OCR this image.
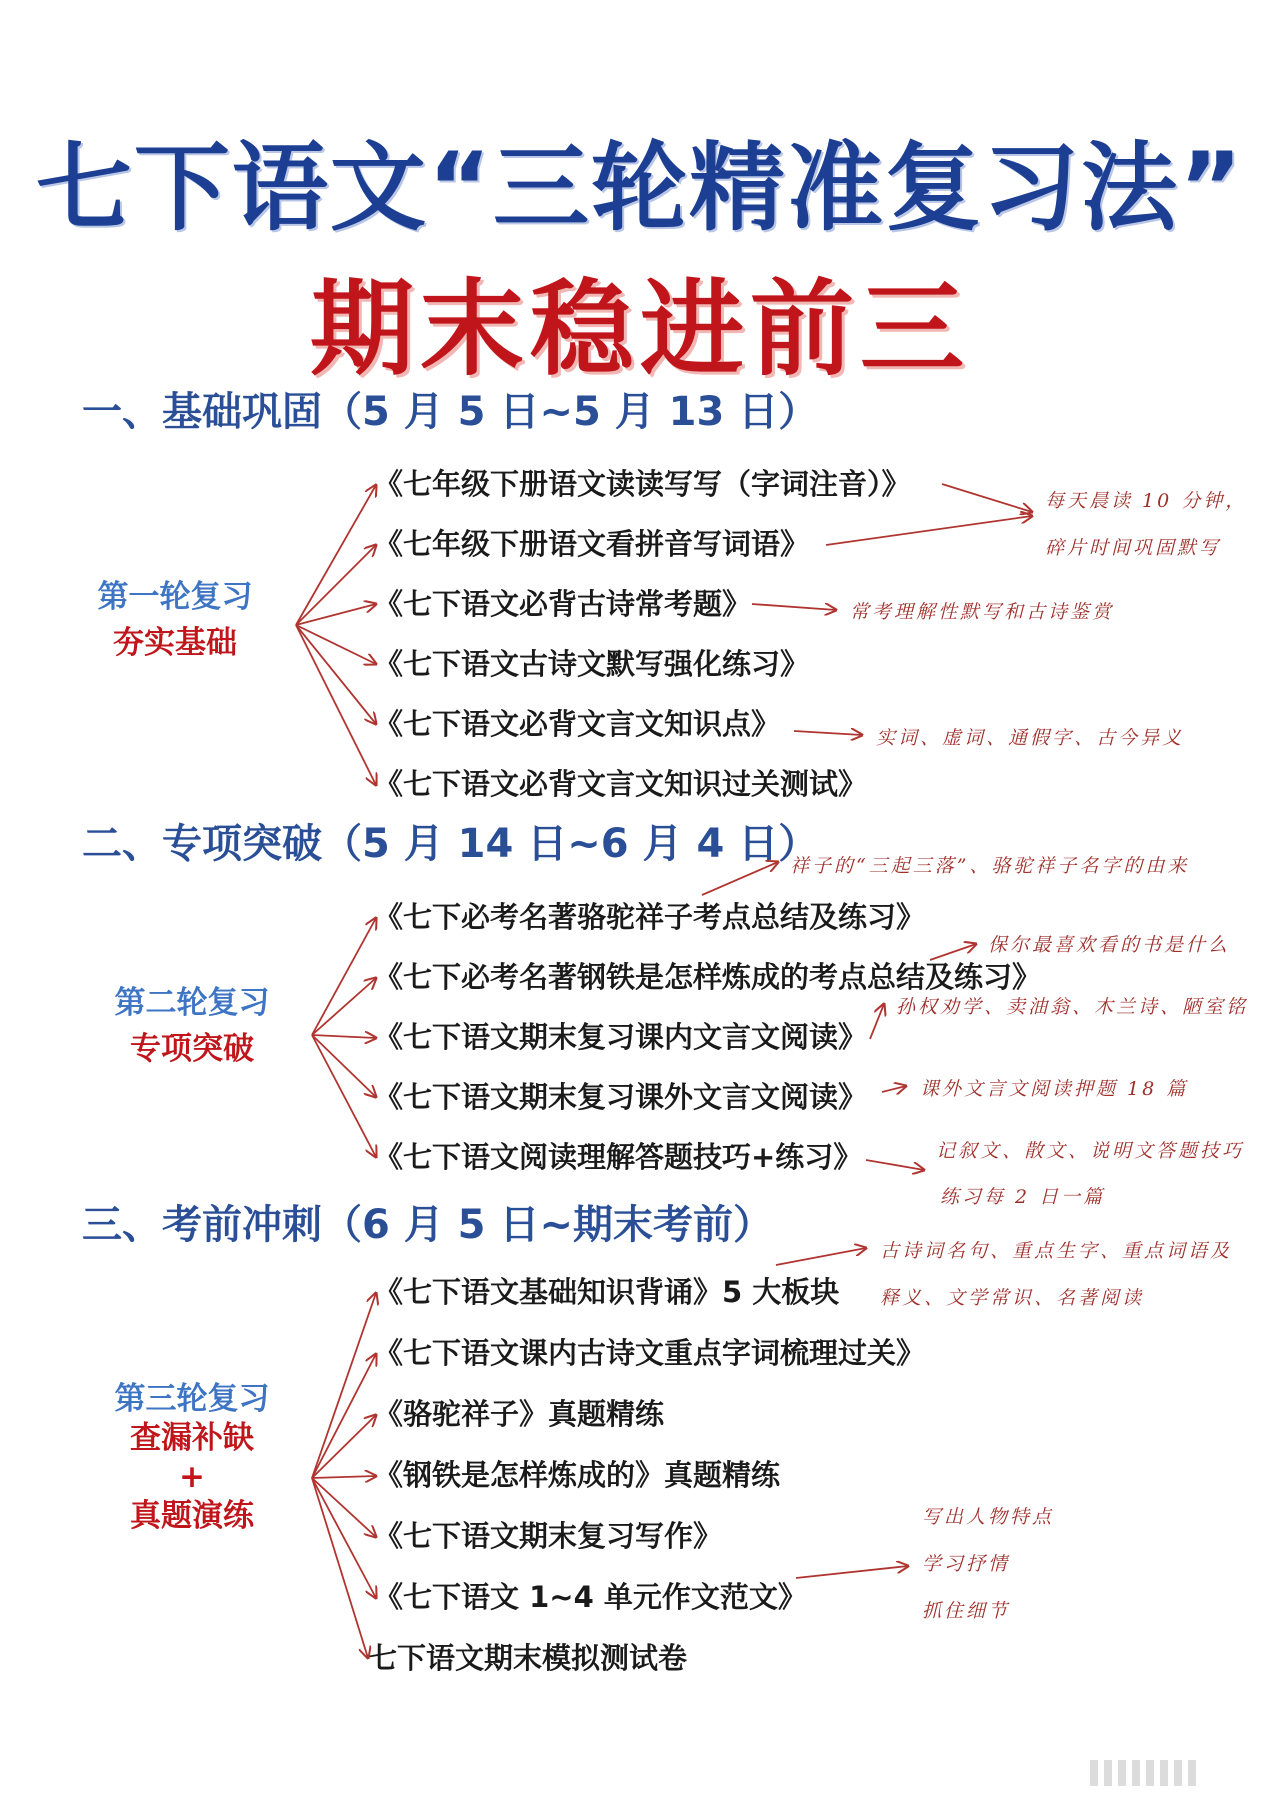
七下语文“三轮精准复习法”
期末稳进前三
一、基础巩固（5 月 5 日~5 月 13 日）
二、专项突破（5 月 14 日~6 月 4 日）
三、考前冲刺（6 月 5 日~期末考前）
第一轮复习
夯实基础
第二轮复习
专项突破
第三轮复习
查漏补缺
+
真题演练
《七年级下册语文读读写写（字词注音）》
《七年级下册语文看拼音写词语》
《七下语文必背古诗常考题》
《七下语文古诗文默写强化练习》
《七下语文必背文言文知识点》
《七下语文必背文言文知识过关测试》
《七下必考名著骆驼祥子考点总结及练习》
《七下必考名著钢铁是怎样炼成的考点总结及练习》
《七下语文期末复习课内文言文阅读》
《七下语文期末复习课外文言文阅读》
《七下语文阅读理解答题技巧+练习》
《七下语文基础知识背诵》5 大板块
《七下语文课内古诗文重点字词梳理过关》
《骆驼祥子》真题精练
《钢铁是怎样炼成的》真题精练
《七下语文期末复习写作》
《七下语文 1~4 单元作文范文》
七下语文期末模拟测试卷
每天晨读 10 分钟，
碎片时间巩固默写
常考理解性默写和古诗鉴赏
实词、虚词、通假字、古今异义
祥子的“三起三落”、骆驼祥子名字的由来
保尔最喜欢看的书是什么
孙权劝学、卖油翁、木兰诗、陋室铭
课外文言文阅读押题 18 篇
记叙文、散文、说明文答题技巧
练习每 2 日一篇
古诗词名句、重点生字、重点词语及
释义、文学常识、名著阅读
写出人物特点
学习抒情
抓住细节
